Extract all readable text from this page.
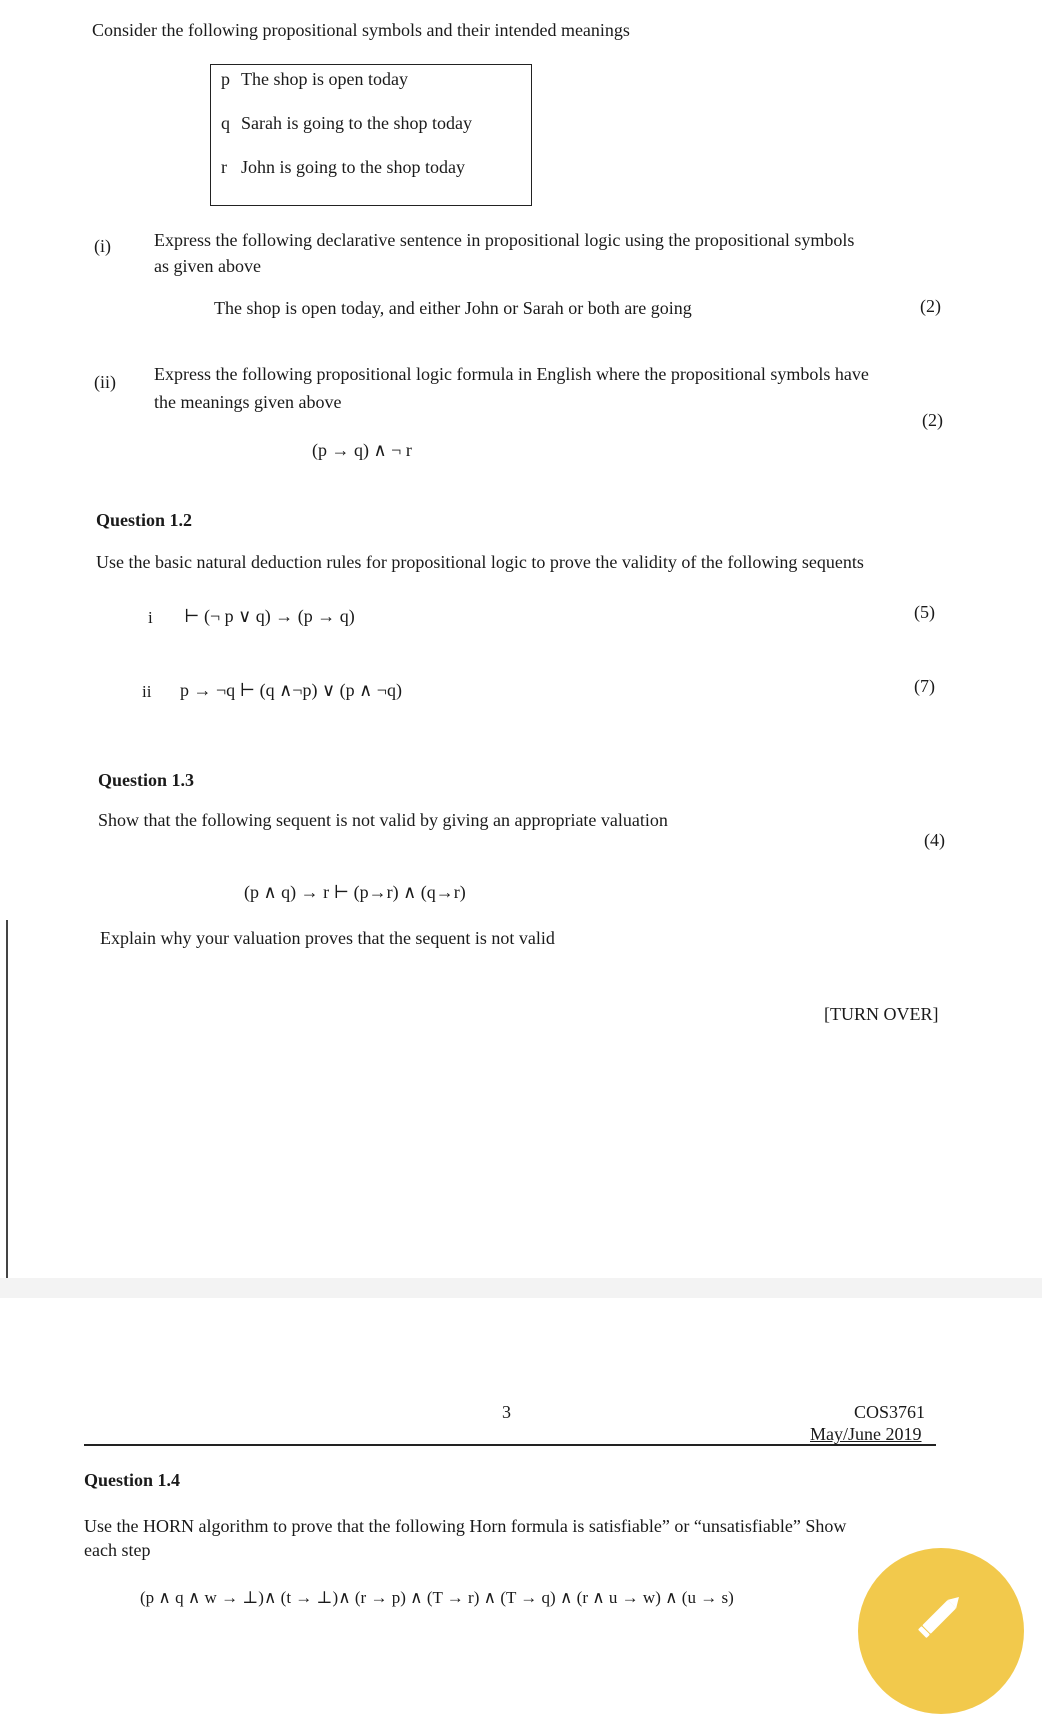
Consider the following propositional symbols and their intended meanings
p The shop is open today
q Sarah is going to the shop today
r John is going to the shop today
(i) Express the following declarative sentence in propositional logic using the propositional symbols
as given above
The shop is open today, and either John or Sarah or both are going	(2)
(ii) Express the following propositional logic formula in English where the propositional symbols have
the meanings given above
(2)
(p → q) ∧ ¬ r
Question 1.2
Use the basic natural deduction rules for propositional logic to prove the validity of the following sequents
i ⊢ (¬ p ∨ q) → (p → q)	(5)
ii p → ¬q ⊢ (q ∧¬p) ∨ (p ∧ ¬q)	(7)
Question 1.3
Show that the following sequent is not valid by giving an appropriate valuation
(4)
(p ∧ q) → r ⊢ (p→r) ∧ (q→r)
Explain why your valuation proves that the sequent is not valid
[TURN OVER]
3	COS3761
May/June 2019
Question 1.4
Use the HORN algorithm to prove that the following Horn formula is satisfiable” or “unsatisfiable” Show
each step
(p ∧ q ∧ w → ⊥)∧ (t → ⊥)∧ (r → p) ∧ (T → r) ∧ (T → q) ∧ (r ∧ u → w) ∧ (u → s)
